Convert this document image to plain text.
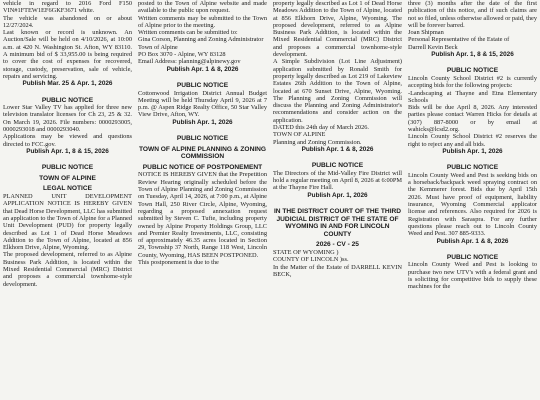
vehicle in regard to 2016 Ford F150 VIN#1FTEW1EF6GKF3671 white.

The vehicle was abandoned on or about 12/27/2024.

Last known or record is unknown. An Auction/Sale will be held on 4/10/2026, at 10:00 a.m. at 420 N. Washington St. Afton, WY 83110. A minimum bid of $ 33,955.00 is being required to cover the cost of expenses for recovered, storage, custody, preservation, sale of vehicle, repairs and servicing.

Publish Mar. 25 & Apr. 1, 2026

PUBLIC NOTICE

Lower Star Valley TV has applied for three new television translator licenses for Ch 23, 25 & 32. On March 19, 2026. File numbers: 0000293005, 0000293018 and 0000293040.

Applications may be viewed and questions directed to FCC.gov.

Publish Apr. 1, 8 & 15, 2026

PUBLIC NOTICE

TOWN OF ALPINE

LEGAL NOTICE

PLANNED UNIT DEVELOPMENT APPLICATION NOTICE IS HEREBY GIVEN that Dead Horse Development, LLC has submitted an application to the Town of Alpine for a Planned Unit Development (PUD) for property legally described as Lot 1 of Dead Horse Meadows Addition to the Town of Alpine, located at 856 Elkhorn Drive, Alpine, Wyoming.

The proposed development, referred to as Alpine Business Park Addition, is located within the Mixed Residential Commercial (MRC) District and proposes a commercial townhome-style development.

posted to the Town of Alpine website and made available to the public upon request.

Written comments may be submitted to the Town of Alpine prior to the meeting.

Written comments can be submitted to:

Gina Corson, Planning and Zoning Administrator

Town of Alpine

PO Box 3070 - Alpine, WY 83128

Email Address: planning@alpinewy.gov

Publish Apr. 1 & 8, 2026

PUBLIC NOTICE

Cottonwood Irrigation District Annual Budget Meeting will be held Thursday April 9, 2026 at 7 p.m. @ Aspen Ridge Realty Office, 50 Star Valley View Drive, Afton, WY.

Publish Apr. 1, 2026

PUBLIC NOTICE

TOWN OF ALPINE PLANNING & ZONING COMMISSION

PUBLIC NOTICE OF POSTPONEMENT

NOTICE IS HEREBY GIVEN that the Prepetition Review Hearing originally scheduled before the Town of Alpine Planning and Zoning Commission on Tuesday, April 14, 2026, at 7:00 p.m., at Alpine Town Hall, 250 River Circle, Alpine, Wyoming, regarding a proposed annexation request submitted by Steven C. Tufte, including property owned by Alpine Property Holdings Group, LLC and Premier Realty Investments, LLC, consisting of approximately 46.35 acres located in Section 29, Township 37 North, Range 118 West, Lincoln County, Wyoming, HAS BEEN POSTPONED.

This postponement is due to the

property legally described as Lot 1 of Dead Horse Meadows Addition to the Town of Alpine, located at 856 Elkhorn Drive, Alpine, Wyoming. The proposed development, referred to as Alpine Business Park Addition, is located within the Mixed Residential Commercial (MRC) District and proposes a commercial townhome-style development.

A Simple Subdivision (Lot Line Adjustment) application submitted by Ronald Smith for property legally described as Lot 219 of Lakeview Estates 26th Addition to the Town of Alpine, located at 670 Sunset Drive, Alpine, Wyoming. The Planning and Zoning Commission will discuss the Planning and Zoning Administrator's recommendations and consider action on the application.

DATED this 24th day of March 2026.

TOWN OF ALPINE

Planning and Zoning Commission.

Publish Apr. 1 & 8, 2026

PUBLIC NOTICE

The Directors of the Mid-Valley Fire District will hold a regular meeting on April 8, 2026 at 6:00PM at the Thayne Fire Hall.

Publish Apr. 1, 2026

IN THE DISTRICT COURT OF THE THIRD JUDICIAL DISTRICT OF THE STATE OF WYOMING IN AND FOR LINCOLN COUNTY

2026 - CV - 25

STATE OF WYOMING )

COUNTY OF LINCOLN )ss.

In the Matter of the Estate of DARRELL KEVIN BECK,

three (3) months after the date of the first publication of this notice, and if such claims are not so filed, unless otherwise allowed or paid, they will be forever barred.

Joan Shipman

Personal Representative of the Estate of

Darrell Kevin Beck

Publish Apr. 1, 8 & 15, 2026

PUBLIC NOTICE

Lincoln County School District #2 is currently accepting bids for the following projects:

-Landscaping at Thayne and Etna Elementary Schools

Bids will be due April 8, 2026. Any interested parties please contact Warren Hicks for details at (307) 887-8000 or by email at wahicks@lcsd2.org.

Lincoln County School District #2 reserves the right to reject any and all bids.

Publish Apr. 1, 2026

PUBLIC NOTICE

Lincoln County Weed and Pest is seeking bids on a horseback/backpack weed spraying contract on the Kemmerer forest. Bids due by April 15th 2026. Must have proof of equipment, liability insurance, Wyoming Commercial applicator license and references. Also required for 2026 is Registration with Saraspra. For any further questions please reach out to Lincoln County Weed and Pest. 307 885-9333.

Publish Apr. 1 & 8, 2026

PUBLIC NOTICE

Lincoln County Weed and Pest is looking to purchase two new UTV's with a federal grant and is soliciting for competitive bids to supply these machines for the
